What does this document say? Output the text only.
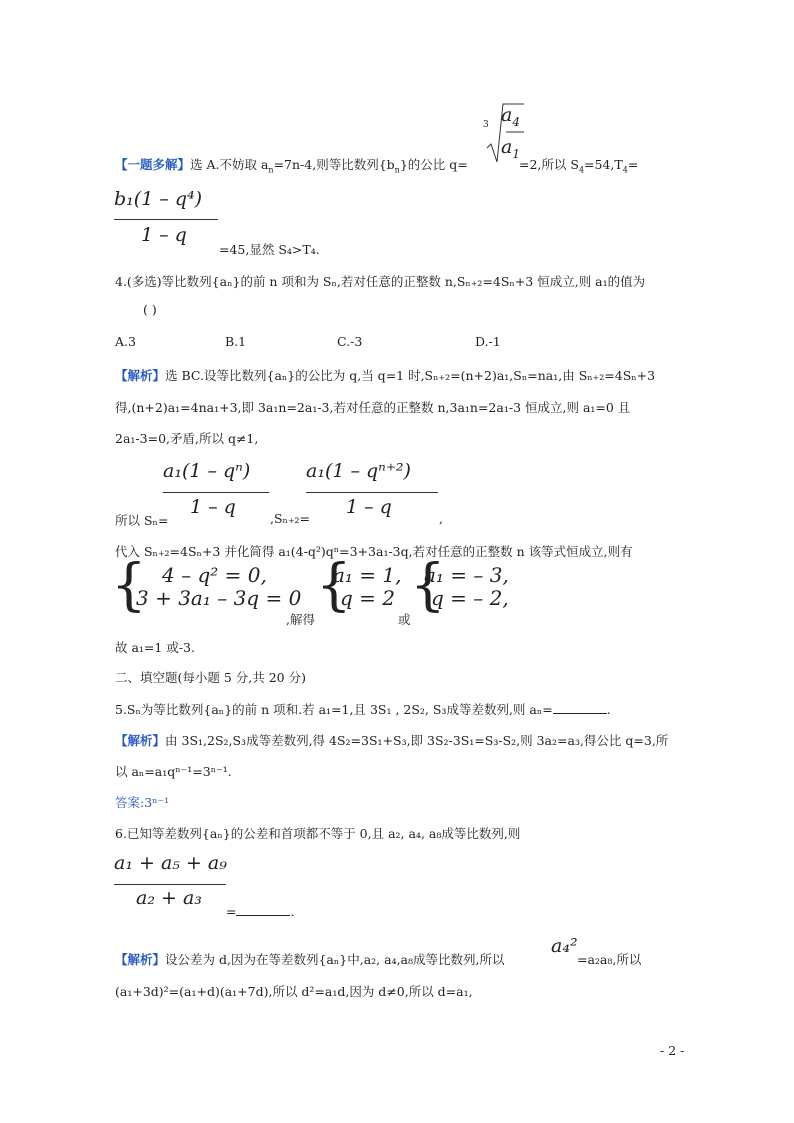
3 $a_4$
$a_1$
【一题多解】选 A.不妨取 $a_n=7n-4$,则等比数列$\{b_n\}$的公比 q=	=2,所以 $S_4=54,T_4=$
b₁(1 – q⁴)
1 – q
=45,显然 S₄>T₄.
4.(多选)等比数列{aₙ}的前 n 项和为 Sₙ,若对任意的正整数 n,Sₙ₊₂=4Sₙ+3 恒成立,则 a₁的值为
( )
A.3	B.1	C.-3	D.-1
【解析】选 BC.设等比数列{aₙ}的公比为 q,当 q=1 时,Sₙ₊₂=(n+2)a₁,Sₙ=na₁,由 Sₙ₊₂=4Sₙ+3
得,(n+2)a₁=4na₁+3,即 3a₁n=2a₁-3,若对任意的正整数 n,3a₁n=2a₁-3 恒成立,则 a₁=0 且
2a₁-3=0,矛盾,所以 q≠1,
a₁(1 – qⁿ)
1 – q
所以 Sₙ=	,Sₙ₊₂=
a₁(1 – qⁿ⁺²)
1 – q
,
代入 Sₙ₊₂=4Sₙ+3 并化简得 a₁(4-q²)qⁿ=3+3a₁-3q,若对任意的正整数 n 该等式恒成立,则有
{ 4 – q² = 0,
3 + 3a₁ – 3q = 0
,解得
{
a₁ = 1,
q = 2
或
{
a₁ = – 3,
q = – 2,
故 a₁=1 或-3.
二、填空题(每小题 5 分,共 20 分)
5.Sₙ为等比数列{aₙ}的前 n 项和.若 a₁=1,且 3S₁ , 2S₂, S₃成等差数列,则 aₙ=	.
【解析】由 3S₁,2S₂,S₃成等差数列,得 4S₂=3S₁+S₃,即 3S₂-3S₁=S₃-S₂,则 3a₂=a₃,得公比 q=3,所
以 aₙ=a₁qⁿ⁻¹=3ⁿ⁻¹.
答案:3ⁿ⁻¹
6.已知等差数列{aₙ}的公差和首项都不等于 0,且 a₂, a₄, a₈成等比数列,则
a₁ + a₅ + a₉
a₂ + a₃
=	.
a₄²
【解析】设公差为 d,因为在等差数列{aₙ}中,a₂, a₄,a₈成等比数列,所以	=a₂a₈,所以
(a₁+3d)²=(a₁+d)(a₁+7d),所以 d²=a₁d,因为 d≠0,所以 d=a₁,
- 2 -
